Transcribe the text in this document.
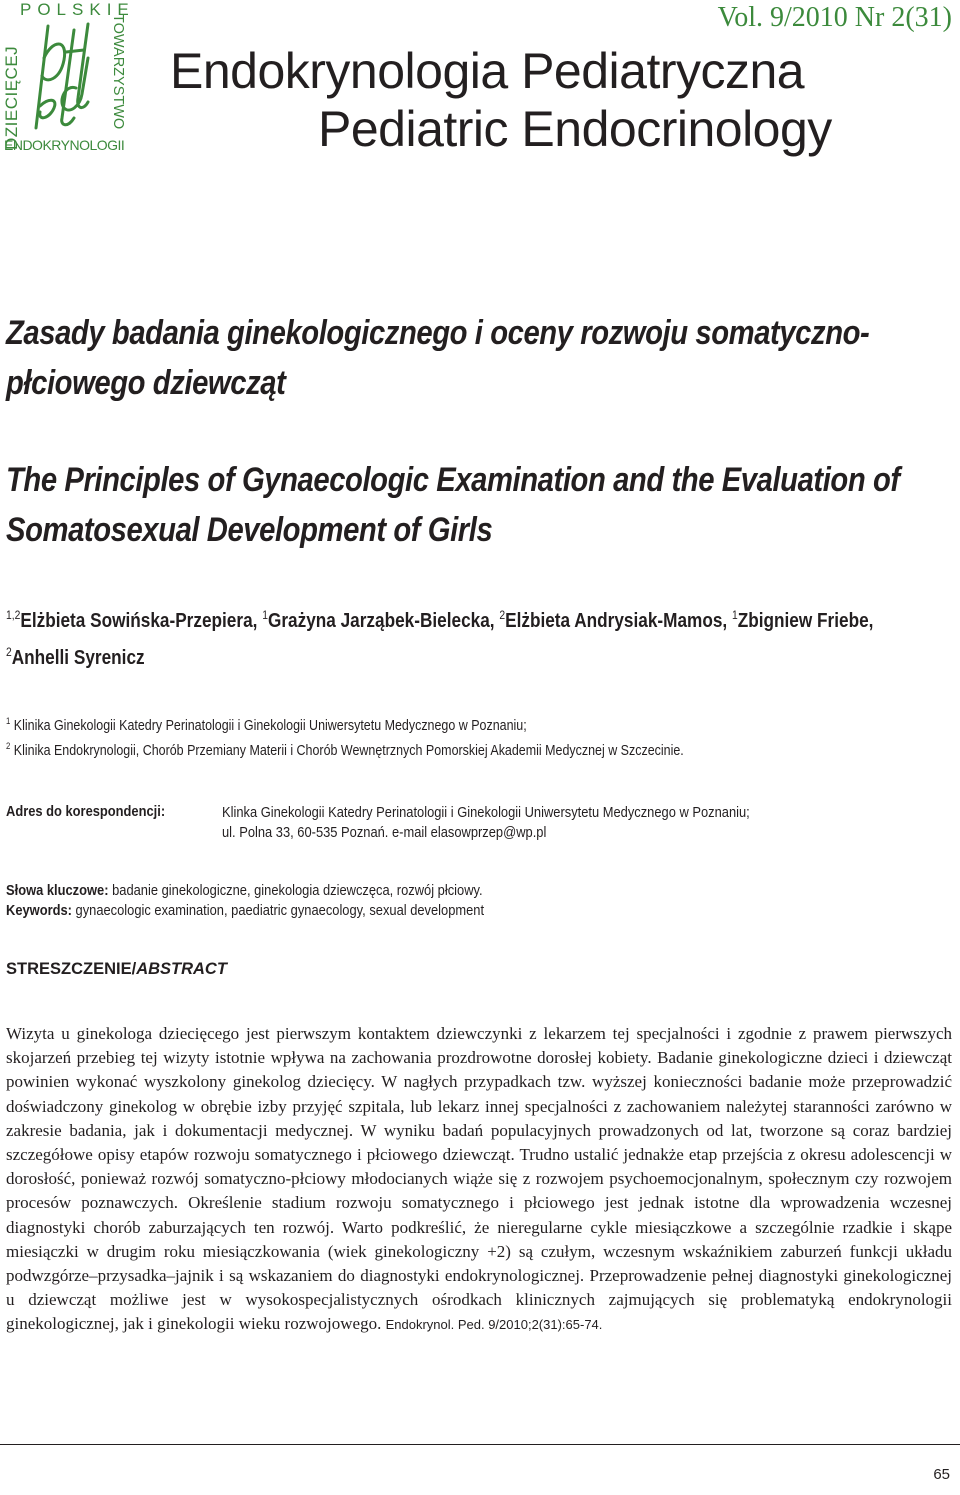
POLSKIE
DZIECIĘCEJ	TOWARZYSTWO
ENDOKRYNOLOGII
Vol. 9/2010 Nr 2(31)
Endokrynologia Pediatryczna
Pediatric Endocrinology
Zasady badania ginekologicznego i oceny rozwoju somatyczno-płciowego dziewcząt
The Principles of Gynaecologic Examination and the Evaluation of Somatosexual Development of Girls
$^{1,2}$Elżbieta Sowińska-Przepiera, $^1$Grażyna Jarząbek-Bielecka, $^2$Elżbieta Andrysiak-Mamos, $^1$Zbigniew Friebe,
$^2$Anhelli Syrenicz
$^1$ Klinika Ginekologii Katedry Perinatologii i Ginekologii Uniwersytetu Medycznego w Poznaniu;
$^2$ Klinika Endokrynologii, Chorób Przemiany Materii i Chorób Wewnętrznych Pomorskiej Akademii Medycznej w Szczecinie.
Adres do korespondencji:	Klinka Ginekologii Katedry Perinatologii i Ginekologii Uniwersytetu Medycznego w Poznaniu;
ul. Polna 33, 60-535 Poznań. e-mail elasowprzep@wp.pl
Słowa kluczowe: badanie ginekologiczne, ginekologia dziewczęca, rozwój płciowy.
Keywords: gynaecologic examination, paediatric gynaecology, sexual development
STRESZCZENIE/ABSTRACT
Wizyta u ginekologa dziecięcego jest pierwszym kontaktem dziewczynki z lekarzem tej specjalności i zgodnie z prawem pierwszych skojarzeń przebieg tej wizyty istotnie wpływa na zachowania prozdrowotne dorosłej kobiety. Badanie ginekologiczne dzieci i dziewcząt powinien wykonać wyszkolony ginekolog dziecięcy. W nagłych przypadkach tzw. wyższej konieczności badanie może przeprowadzić doświadczony ginekolog w obrębie izby przyjęć szpitala, lub lekarz innej specjalności z zachowaniem należytej staranności zarówno w zakresie badania, jak i dokumentacji medycznej. W wyniku badań populacyjnych prowadzonych od lat, tworzone są coraz bardziej szczegółowe opisy etapów rozwoju somatycznego i płciowego dziewcząt. Trudno ustalić jednakże etap przejścia z okresu adolescencji w dorosłość, ponieważ rozwój somatyczno-płciowy młodocianych wiąże się z rozwojem psychoemocjonalnym, społecznym czy rozwojem procesów poznawczych. Określenie stadium rozwoju somatycznego i płciowego jest jednak istotne dla wprowadzenia wczesnej diagnostyki chorób zaburzających ten rozwój. Warto podkreślić, że nieregularne cykle miesiączkowe a szczególnie rzadkie i skąpe miesiączki w drugim roku miesiączkowania (wiek ginekologiczny +2) są czułym, wczesnym wskaźnikiem zaburzeń funkcji układu podwzgórze–przysadka–jajnik i są wskazaniem do diagnostyki endokrynologicznej. Przeprowadzenie pełnej diagnostyki ginekologicznej u dziewcząt możliwe jest w wysokospecjalistycznych ośrodkach klinicznych zajmujących się problematyką endokrynologii ginekologicznej, jak i ginekologii wieku rozwojowego. Endokrynol. Ped. 9/2010;2(31):65-74.
65
